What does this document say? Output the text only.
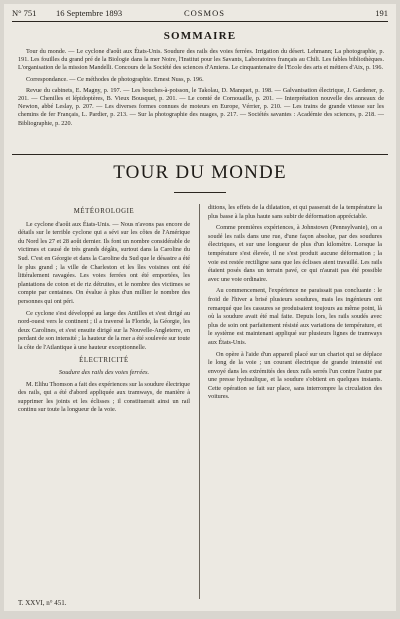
N° 751 16 Septembre 1893	COSMOS	191
SOMMAIRE

Tour du monde. — Le cyclone d'août aux États-Unis. Soudure des rails des voies ferrées. Irrigation du désert. Lehmann; La photographie, p. 191. Les fouilles du grand pré de la Biologie dans la mer Noire, l'Institut pour les Savants, Laboratoires français au Chili. Les fables bibliothèques. L'organisation de la mission Mandelli. Concours de la Société des sciences d'Amiens. Le cinquantenaire de l'Ecole des arts et métiers d'Aix, p. 196.

Correspondance. — Ce méthodes de photographie. Ernest Nuss, p. 196.

Revue du cabinets, E. Magny, p. 197. — Les bouches-à-poisson, le Takolau, D. Manquet, p. 198. — Galvanisation électrique, J. Gardener, p. 201. — Chenilles et lépidoptères, B. Vieux Bousquet, p. 201. — Le comté de Cornouaille, p. 201. — Interprétation nouvelle des anneaux de Newton, abbé Leslay, p. 207. — Les diverses formes connues de moteurs en Europe, Vérrier, p. 210. — Les trains de grande vitesse sur les chemins de fer Français, L. Pardier, p. 213. — Sur la photographie des nuages, p. 217. — Sociétés savantes : Académie des sciences, p. 218. — Bibliographie, p. 220.

TOUR DU MONDE
MÉTÉOROLOGIE

Le cyclone d'août aux États-Unis. — Nous n'avons pas encore de détails sur le terrible cyclone qui a sévi sur les côtes de l'Amérique du Nord les 27 et 28 août dernier. Ils font un nombre considérable de victimes et causé de très grands dégâts, surtout dans la Caroline du Sud. C'est en Géorgie et dans la Caroline du Sud que le désastre a été le plus grand ; la ville de Charleston et les îles voisines ont été littéralement ravagées. Les voies ferrées ont été emportées, les plantations de coton et de riz détruites, et le nombre des victimes se compte par centaines. On évalue à plus d'un millier le nombre des personnes qui ont péri.

Ce cyclone s'est développé au large des Antilles et s'est dirigé au nord-ouest vers le continent ; il a traversé la Floride, la Géorgie, les deux Carolines, et s'est ensuite dirigé sur la Nouvelle-Angleterre, en perdant de son intensité ; la hauteur de la mer a été soulevée sur toute la côte de l'Atlantique à une hauteur exceptionnelle.

ÉLECTRICITÉ
Soudure des rails des voies ferrées.

M. Elihu Thomson a fait des expériences sur la soudure électrique des rails, qui a été d'abord appliquée aux tramways, de manière à supprimer les joints et les éclisses ; il constituerait ainsi un rail continu sur toute la longueur de la voie.

ditions, les effets de la dilatation, et qui passerait de la température la plus basse à la plus haute sans subir de déformation appréciable.

Comme premières expériences, à Johnstown (Pennsylvanie), on a soudé les rails dans une rue, d'une façon absolue, par des soudures électriques, et sur une longueur de plus d'un kilomètre. Lorsque la température s'est élevée, il ne s'est produit aucune déformation ; la voie est restée rectiligne sans que les éclisses aient travaillé. Les rails étaient posés dans un terrain pavé, ce qui n'aurait pas été possible avec une voie ordinaire.

Au commencement, l'expérience ne paraissait pas concluante : le froid de l'hiver a brisé plusieurs soudures, mais les ingénieurs ont remarqué que les cassures se produisaient toujours au même point, là où la soudure avait été mal faite. Depuis lors, les rails soudés avec plus de soin ont parfaitement résisté aux variations de température, et le système est maintenant appliqué sur plusieurs lignes de tramways aux États-Unis.

On opère à l'aide d'un appareil placé sur un chariot qui se déplace le long de la voie ; un courant électrique de grande intensité est envoyé dans les extrémités des deux rails serrés l'un contre l'autre par une presse hydraulique, et la soudure s'obtient en quelques instants. Cette opération se fait sur place, sans interrompre la circulation des voitures.

T. XXVI, n° 451.
